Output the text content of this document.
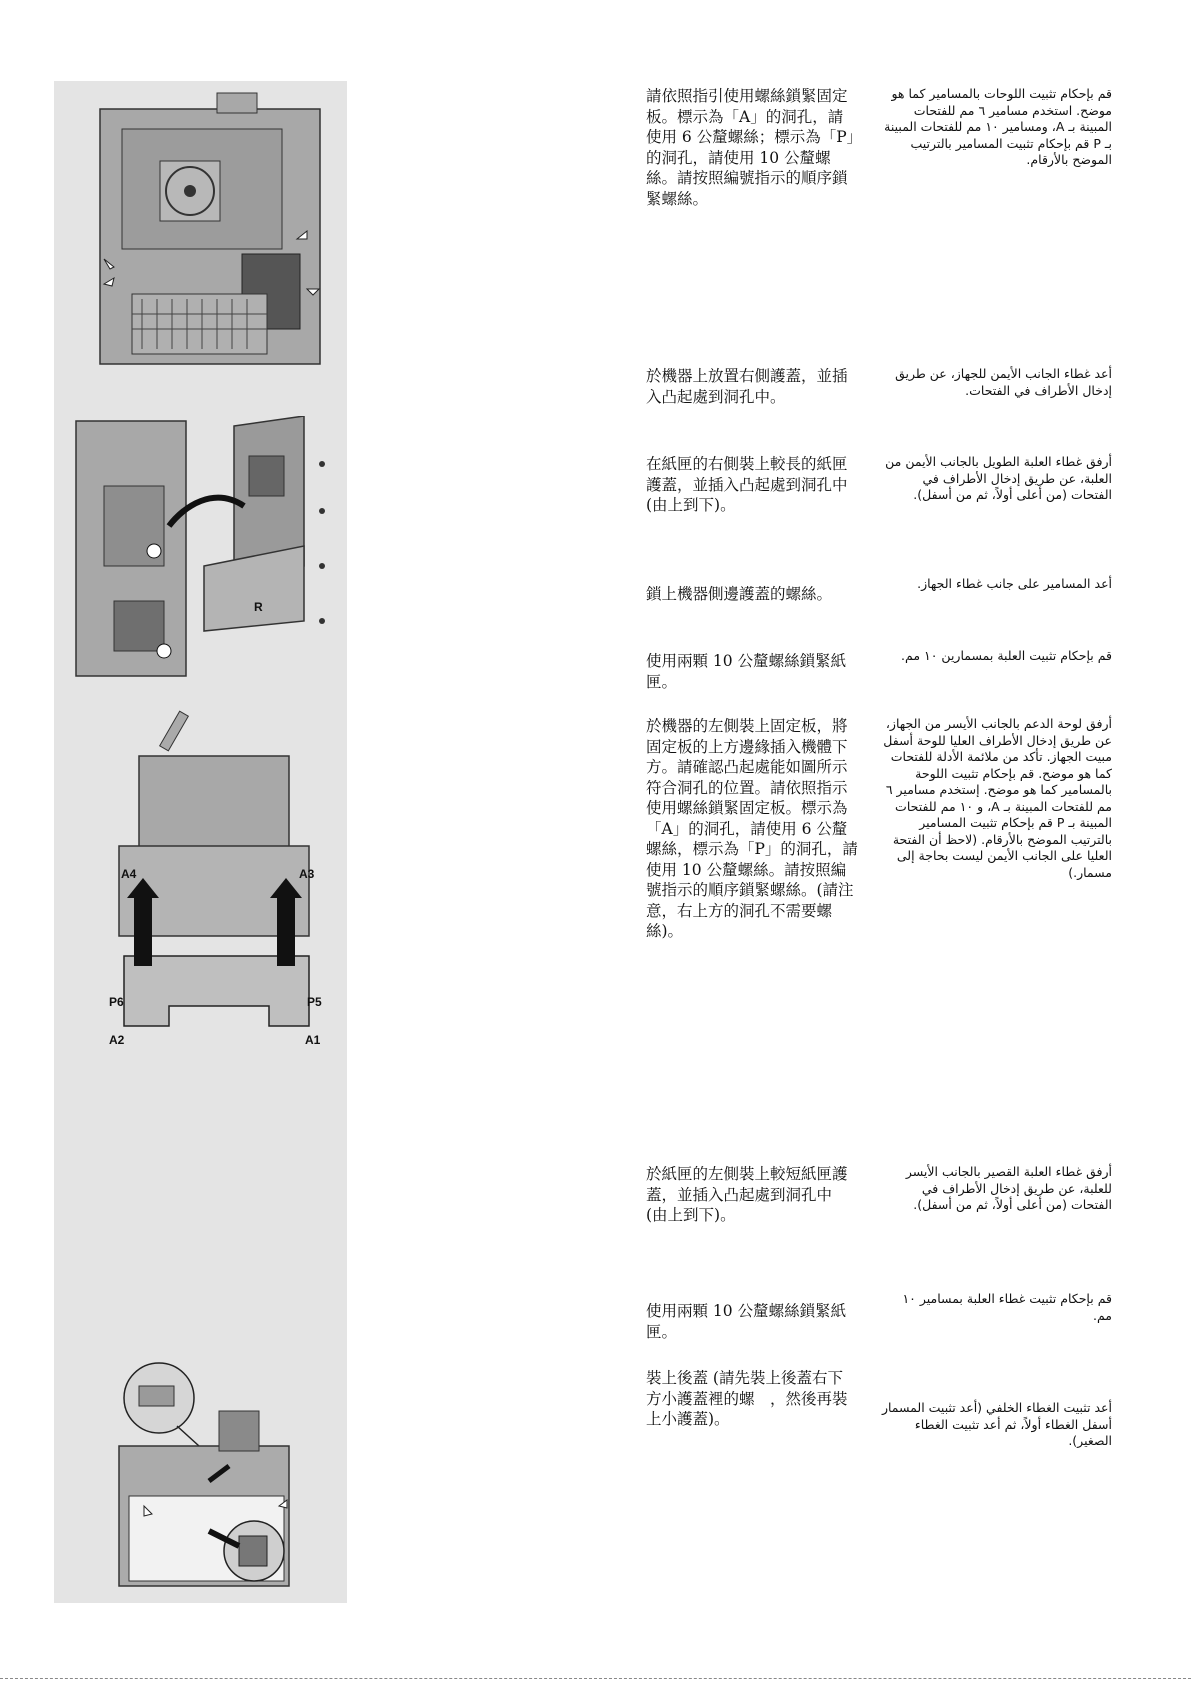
R
A4	A3
P6	P5
A2	A1
請依照指引使用螺絲鎖緊固定板。標示為「A」的洞孔，請使用 6 公釐螺絲；標示為「P」的洞孔，請使用 10 公釐螺絲。請按照編號指示的順序鎖緊螺絲。
قم بإحكام تثبيت اللوحات بالمسامير كما هو موضح. استخدم مسامير ٦ مم للفتحات المبينة بـ A، ومسامير ١٠ مم للفتحات المبينة بـ P قم بإحكام تثبيت المسامير بالترتيب الموضح بالأرقام.
於機器上放置右側護蓋，並插入凸起處到洞孔中。
أعد غطاء الجانب الأيمن للجهاز، عن طريق إدخال الأطراف في الفتحات.
在紙匣的右側裝上較長的紙匣護蓋，並插入凸起處到洞孔中 (由上到下)。
أرفق غطاء العلبة الطويل بالجانب الأيمن من العلبة، عن طريق إدخال الأطراف في الفتحات (من أعلى أولاً، ثم من أسفل).
鎖上機器側邊護蓋的螺絲。
أعد المسامير على جانب غطاء الجهاز.
使用兩顆 10 公釐螺絲鎖緊紙匣。
قم بإحكام تثبيت العلبة بمسمارين ١٠ مم.
於機器的左側裝上固定板，將固定板的上方邊緣插入機體下方。請確認凸起處能如圖所示符合洞孔的位置。請依照指示使用螺絲鎖緊固定板。標示為「A」的洞孔，請使用 6 公釐螺絲，標示為「P」的洞孔，請使用 10 公釐螺絲。請按照編號指示的順序鎖緊螺絲。(請注意，右上方的洞孔不需要螺絲)。
أرفق لوحة الدعم بالجانب الأيسر من الجهاز، عن طريق إدخال الأطراف العليا للوحة أسفل مبيت الجهاز. تأكد من ملائمة الأدلة للفتحات كما هو موضح. قم بإحكام تثبيت اللوحة بالمسامير كما هو موضح. إستخدم مسامير ٦ مم للفتحات المبينة بـ A، و ١٠ مم للفتحات المبينة بـ P قم بإحكام تثبيت المسامير بالترتيب الموضح بالأرقام. (لاحظ أن الفتحة العليا على الجانب الأيمن ليست بحاجة إلى مسمار.)
於紙匣的左側裝上較短紙匣護蓋，並插入凸起處到洞孔中 (由上到下)。
أرفق غطاء العلبة القصير بالجانب الأيسر للعلبة، عن طريق إدخال الأطراف في الفتحات (من أعلى أولاً، ثم من أسفل).
使用兩顆 10 公釐螺絲鎖緊紙匣。
قم بإحكام تثبيت غطاء العلبة بمسامير ١٠ مم.
裝上後蓋 (請先裝上後蓋右下方小護蓋裡的螺　，然後再裝上小護蓋)。
أعد تثبيت الغطاء الخلفي (أعد تثبيت المسمار أسفل الغطاء أولاً، ثم أعد تثبيت الغطاء الصغير).
